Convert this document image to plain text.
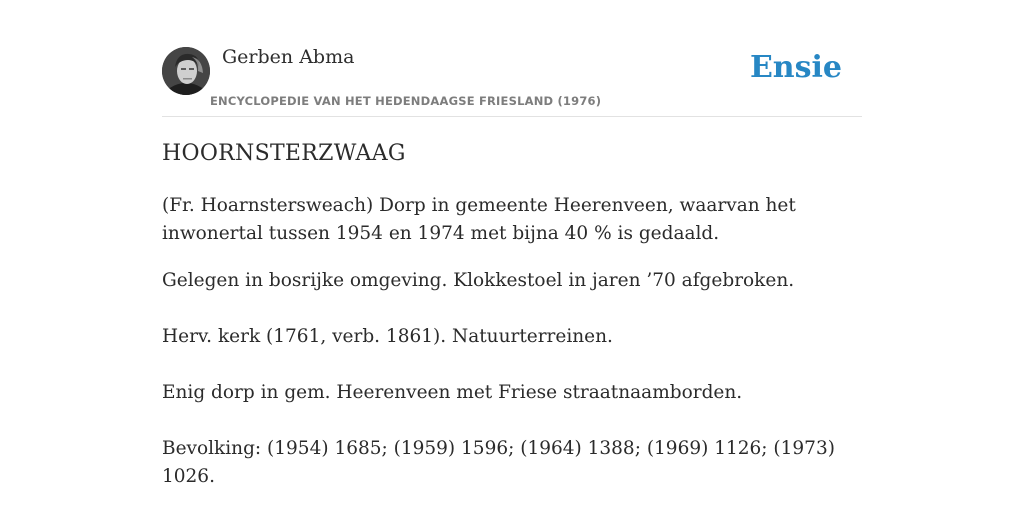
Gerben Abma
ENCYCLOPEDIE VAN HET HEDENDAAGSE FRIESLAND (1976)
Ensie
HOORNSTERZWAAG

(Fr. Hoarnstersweach) Dorp in gemeente Heerenveen, waarvan het inwonertal tussen 1954 en 1974 met bijna 40 % is gedaald.

Gelegen in bosrijke omgeving. Klokkestoel in jaren ’70 afgebroken.

Herv. kerk (1761, verb. 1861). Natuurterreinen.

Enig dorp in gem. Heerenveen met Friese straatnaamborden.

Bevolking: (1954) 1685; (1959) 1596; (1964) 1388; (1969) 1126; (1973) 1026.
